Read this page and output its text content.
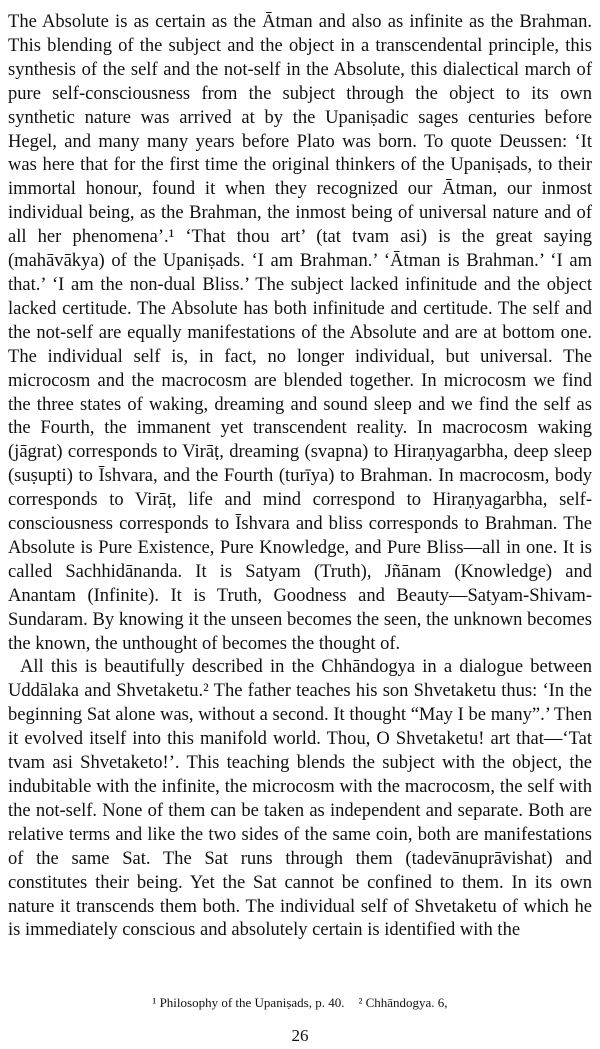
The Absolute is as certain as the Ātman and also as infinite as the Brahman. This blending of the subject and the object in a transcendental principle, this synthesis of the self and the not-self in the Absolute, this dialectical march of pure self-consciousness from the subject through the object to its own synthetic nature was arrived at by the Upaniṣadic sages centuries before Hegel, and many many years before Plato was born. To quote Deussen: ‘It was here that for the first time the original thinkers of the Upaniṣads, to their immortal honour, found it when they recognized our Ātman, our inmost individual being, as the Brahman, the inmost being of universal nature and of all her phenomena’.¹ ‘That thou art’ (tat tvam asi) is the great saying (mahāvākya) of the Upaniṣads. ‘I am Brahman.’ ‘Ātman is Brahman.’ ‘I am that.’ ‘I am the non-dual Bliss.’ The subject lacked infinitude and the object lacked certitude. The Absolute has both infinitude and certitude. The self and the not-self are equally manifestations of the Absolute and are at bottom one. The individual self is, in fact, no longer individual, but universal. The microcosm and the macrocosm are blended together. In microcosm we find the three states of waking, dreaming and sound sleep and we find the self as the Fourth, the immanent yet transcendent reality. In macrocosm waking (jāgrat) corresponds to Virāṭ, dreaming (svapna) to Hiraṇyagarbha, deep sleep (suṣupti) to Īshvara, and the Fourth (turīya) to Brahman. In macrocosm, body corresponds to Virāṭ, life and mind correspond to Hiraṇyagarbha, self-consciousness corresponds to Īshvara and bliss corresponds to Brahman. The Absolute is Pure Existence, Pure Knowledge, and Pure Bliss—all in one. It is called Sachhidānanda. It is Satyam (Truth), Jñānam (Knowledge) and Anantam (Infinite). It is Truth, Goodness and Beauty—Satyam-Shivam-Sundaram. By knowing it the unseen becomes the seen, the unknown becomes the known, the unthought of becomes the thought of.

All this is beautifully described in the Chhāndogya in a dialogue between Uddālaka and Shvetaketu.² The father teaches his son Shvetaketu thus: ‘In the beginning Sat alone was, without a second. It thought “May I be many”.’ Then it evolved itself into this manifold world. Thou, O Shvetaketu! art that—‘Tat tvam asi Shvetaketo!’. This teaching blends the subject with the object, the indubitable with the infinite, the microcosm with the macrocosm, the self with the not-self. None of them can be taken as independent and separate. Both are relative terms and like the two sides of the same coin, both are manifestations of the same Sat. The Sat runs through them (tadevānuprāvishat) and constitutes their being. Yet the Sat cannot be confined to them. In its own nature it transcends them both. The individual self of Shvetaketu of which he is immediately conscious and absolutely certain is identified with the

¹ Philosophy of the Upaniṣads, p. 40. ² Chhāndogya. 6,

26
